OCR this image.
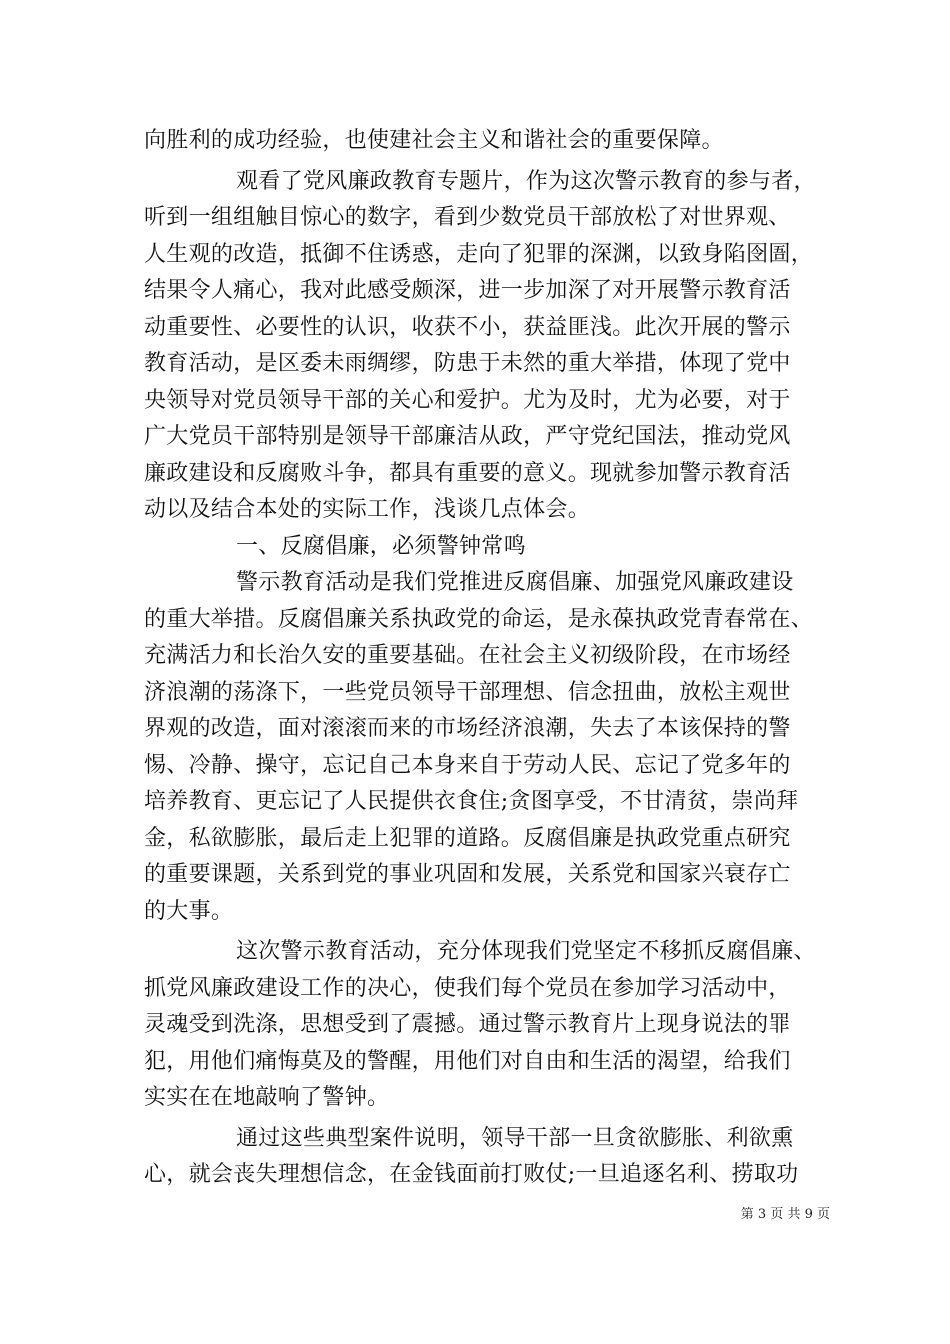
向胜利的成功经验，也使建社会主义和谐社会的重要保障。
观看了党风廉政教育专题片，作为这次警示教育的参与者，
听到一组组触目惊心的数字，看到少数党员干部放松了对世界观、
人生观的改造，抵御不住诱惑，走向了犯罪的深渊，以致身陷囹圄，
结果令人痛心，我对此感受颇深，进一步加深了对开展警示教育活
动重要性、必要性的认识，收获不小，获益匪浅。此次开展的警示
教育活动，是区委未雨绸缪，防患于未然的重大举措，体现了党中
央领导对党员领导干部的关心和爱护。尤为及时，尤为必要，对于
广大党员干部特别是领导干部廉洁从政，严守党纪国法，推动党风
廉政建设和反腐败斗争，都具有重要的意义。现就参加警示教育活
动以及结合本处的实际工作，浅谈几点体会。
一、反腐倡廉，必须警钟常鸣
警示教育活动是我们党推进反腐倡廉、加强党风廉政建设
的重大举措。反腐倡廉关系执政党的命运，是永葆执政党青春常在、
充满活力和长治久安的重要基础。在社会主义初级阶段，在市场经
济浪潮的荡涤下，一些党员领导干部理想、信念扭曲，放松主观世
界观的改造，面对滚滚而来的市场经济浪潮，失去了本该保持的警
惕、冷静、操守，忘记自己本身来自于劳动人民、忘记了党多年的
培养教育、更忘记了人民提供衣食住;贪图享受，不甘清贫，崇尚拜
金，私欲膨胀，最后走上犯罪的道路。反腐倡廉是执政党重点研究
的重要课题，关系到党的事业巩固和发展，关系党和国家兴衰存亡
的大事。
这次警示教育活动，充分体现我们党坚定不移抓反腐倡廉、
抓党风廉政建设工作的决心，使我们每个党员在参加学习活动中，
灵魂受到洗涤，思想受到了震撼。通过警示教育片上现身说法的罪
犯，用他们痛悔莫及的警醒，用他们对自由和生活的渴望，给我们
实实在在地敲响了警钟。
通过这些典型案件说明，领导干部一旦贪欲膨胀、利欲熏
心，就会丧失理想信念，在金钱面前打败仗;一旦追逐名利、捞取功
第 3 页 共 9 页
